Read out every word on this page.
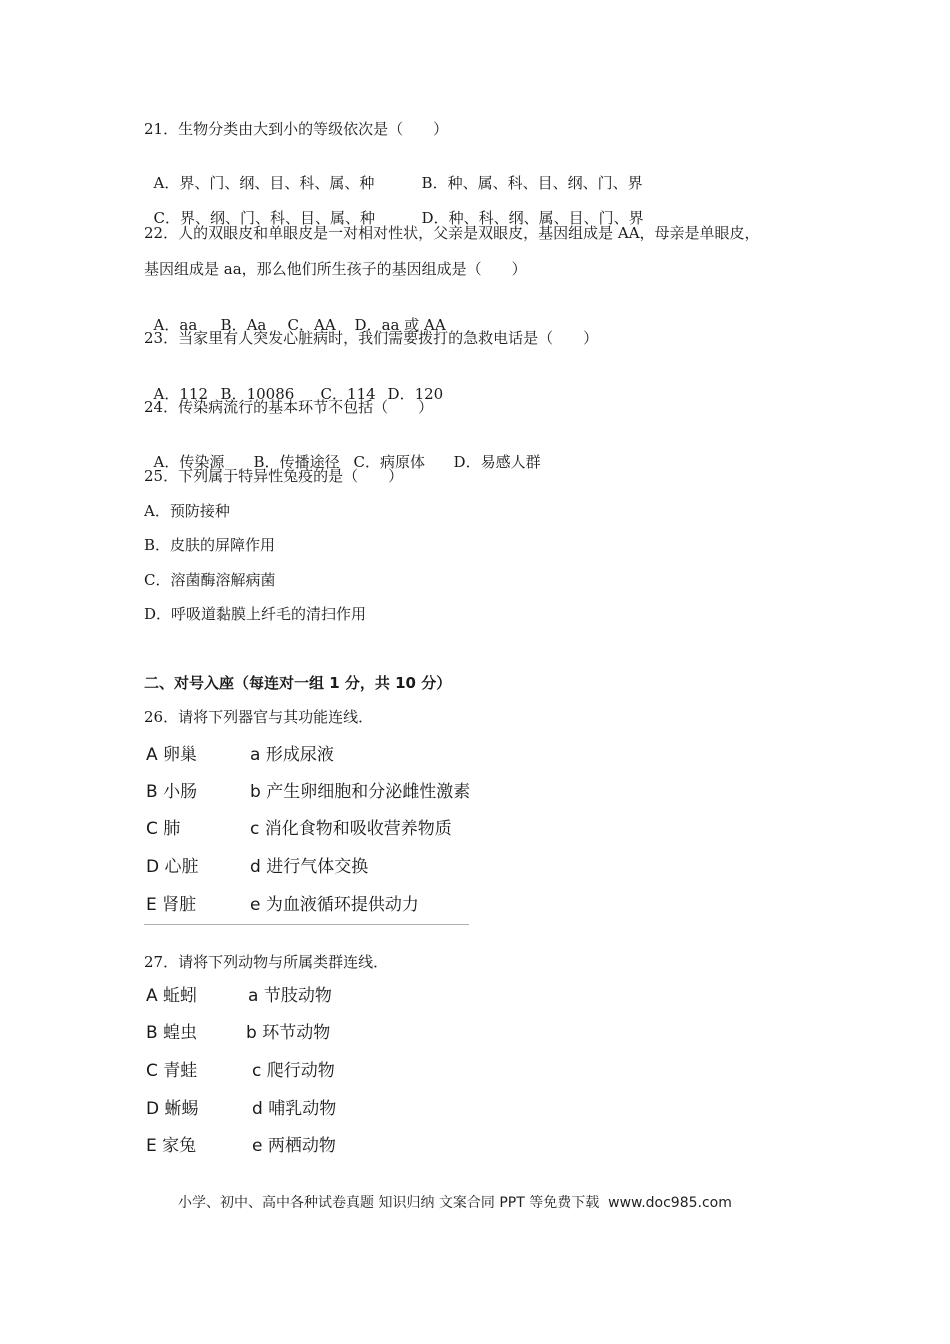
21．生物分类由大到小的等级依次是（　　）

A．界、门、纲、目、科、属、种	B．种、属、科、目、纲、门、界

C．界、纲、门、科、目、属、种	D．种、科、纲、属、目、门、界

22．人的双眼皮和单眼皮是一对相对性状，父亲是双眼皮，基因组成是 AA，母亲是单眼皮，
基因组成是 aa，那么他们所生孩子的基因组成是（　　）

A．aa B．Aa C．AA D．aa 或 AA

23．当家里有人突发心脏病时，我们需要拨打的急救电话是（　　）

A．112 B．10086 C．114 D．120

24．传染病流行的基本环节不包括（　　）

A．传染源 B．传播途径 C．病原体 D．易感人群

25．下列属于特异性兔疫的是（　　）
A．预防接种
B．皮肤的屏障作用
C．溶菌酶溶解病菌
D．呼吸道黏膜上纤毛的清扫作用
二、对号入座（每连对一组 1 分，共 10 分）
26．请将下列器官与其功能连线．
A 卵巢	a 形成尿液
B 小肠	b 产生卵细胞和分泌雌性激素
C 肺	c 消化食物和吸收营养物质
D 心脏	d 进行气体交换
E 肾脏	e 为血液循环提供动力
27．请将下列动物与所属类群连线．
A 蚯蚓	a 节肢动物
B 蝗虫	b 环节动物
C 青蛙	c 爬行动物
D 蜥蜴	d 哺乳动物
E 家兔	e 两栖动物
小学、初中、高中各种试卷真题 知识归纳 文案合同 PPT 等免费下载  www.doc985.com
